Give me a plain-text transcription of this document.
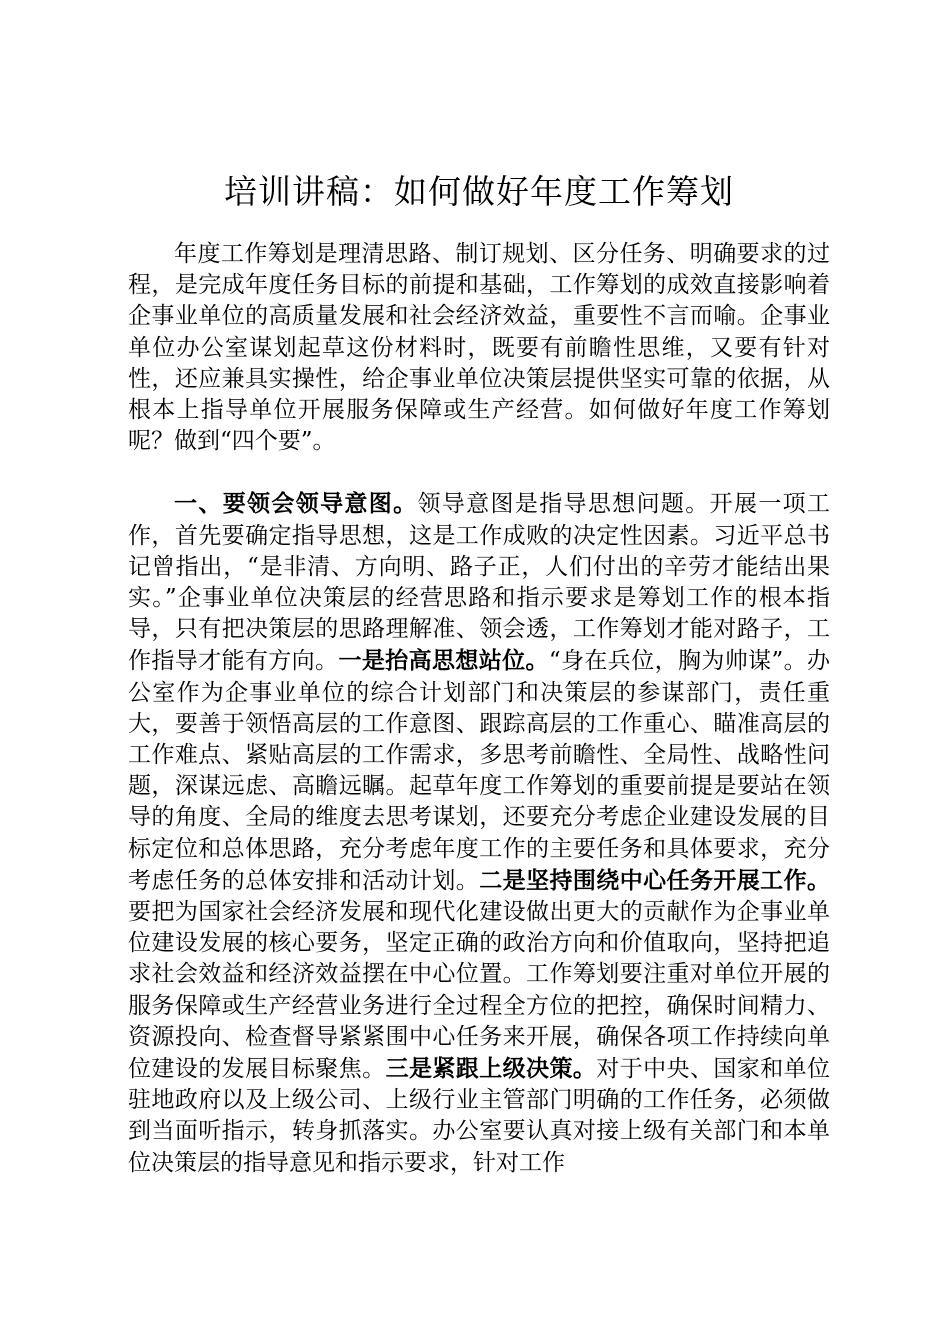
培训讲稿：如何做好年度工作筹划

年度工作筹划是理清思路、制订规划、区分任务、明确要求的过程，是完成年度任务目标的前提和基础，工作筹划的成效直接影响着企事业单位的高质量发展和社会经济效益，重要性不言而喻。企事业单位办公室谋划起草这份材料时，既要有前瞻性思维，又要有针对性，还应兼具实操性，给企事业单位决策层提供坚实可靠的依据，从根本上指导单位开展服务保障或生产经营。如何做好年度工作筹划呢？做到“四个要”。

一、要领会领导意图。领导意图是指导思想问题。开展一项工作，首先要确定指导思想，这是工作成败的决定性因素。习近平总书记曾指出，“是非清、方向明、路子正，人们付出的辛劳才能结出果实。”企事业单位决策层的经营思路和指示要求是筹划工作的根本指导，只有把决策层的思路理解准、领会透，工作筹划才能对路子，工作指导才能有方向。一是抬高思想站位。“身在兵位，胸为帅谋”。办公室作为企事业单位的综合计划部门和决策层的参谋部门，责任重大，要善于领悟高层的工作意图、跟踪高层的工作重心、瞄准高层的工作难点、紧贴高层的工作需求，多思考前瞻性、全局性、战略性问题，深谋远虑、高瞻远瞩。起草年度工作筹划的重要前提是要站在领导的角度、全局的维度去思考谋划，还要充分考虑企业建设发展的目标定位和总体思路，充分考虑年度工作的主要任务和具体要求，充分考虑任务的总体安排和活动计划。二是坚持围绕中心任务开展工作。要把为国家社会经济发展和现代化建设做出更大的贡献作为企事业单位建设发展的核心要务，坚定正确的政治方向和价值取向，坚持把追求社会效益和经济效益摆在中心位置。工作筹划要注重对单位开展的服务保障或生产经营业务进行全过程全方位的把控，确保时间精力、资源投向、检查督导紧紧围中心任务来开展，确保各项工作持续向单位建设的发展目标聚焦。三是紧跟上级决策。对于中央、国家和单位驻地政府以及上级公司、上级行业主管部门明确的工作任务，必须做到当面听指示，转身抓落实。办公室要认真对接上级有关部门和本单位决策层的指导意见和指示要求，针对工作
